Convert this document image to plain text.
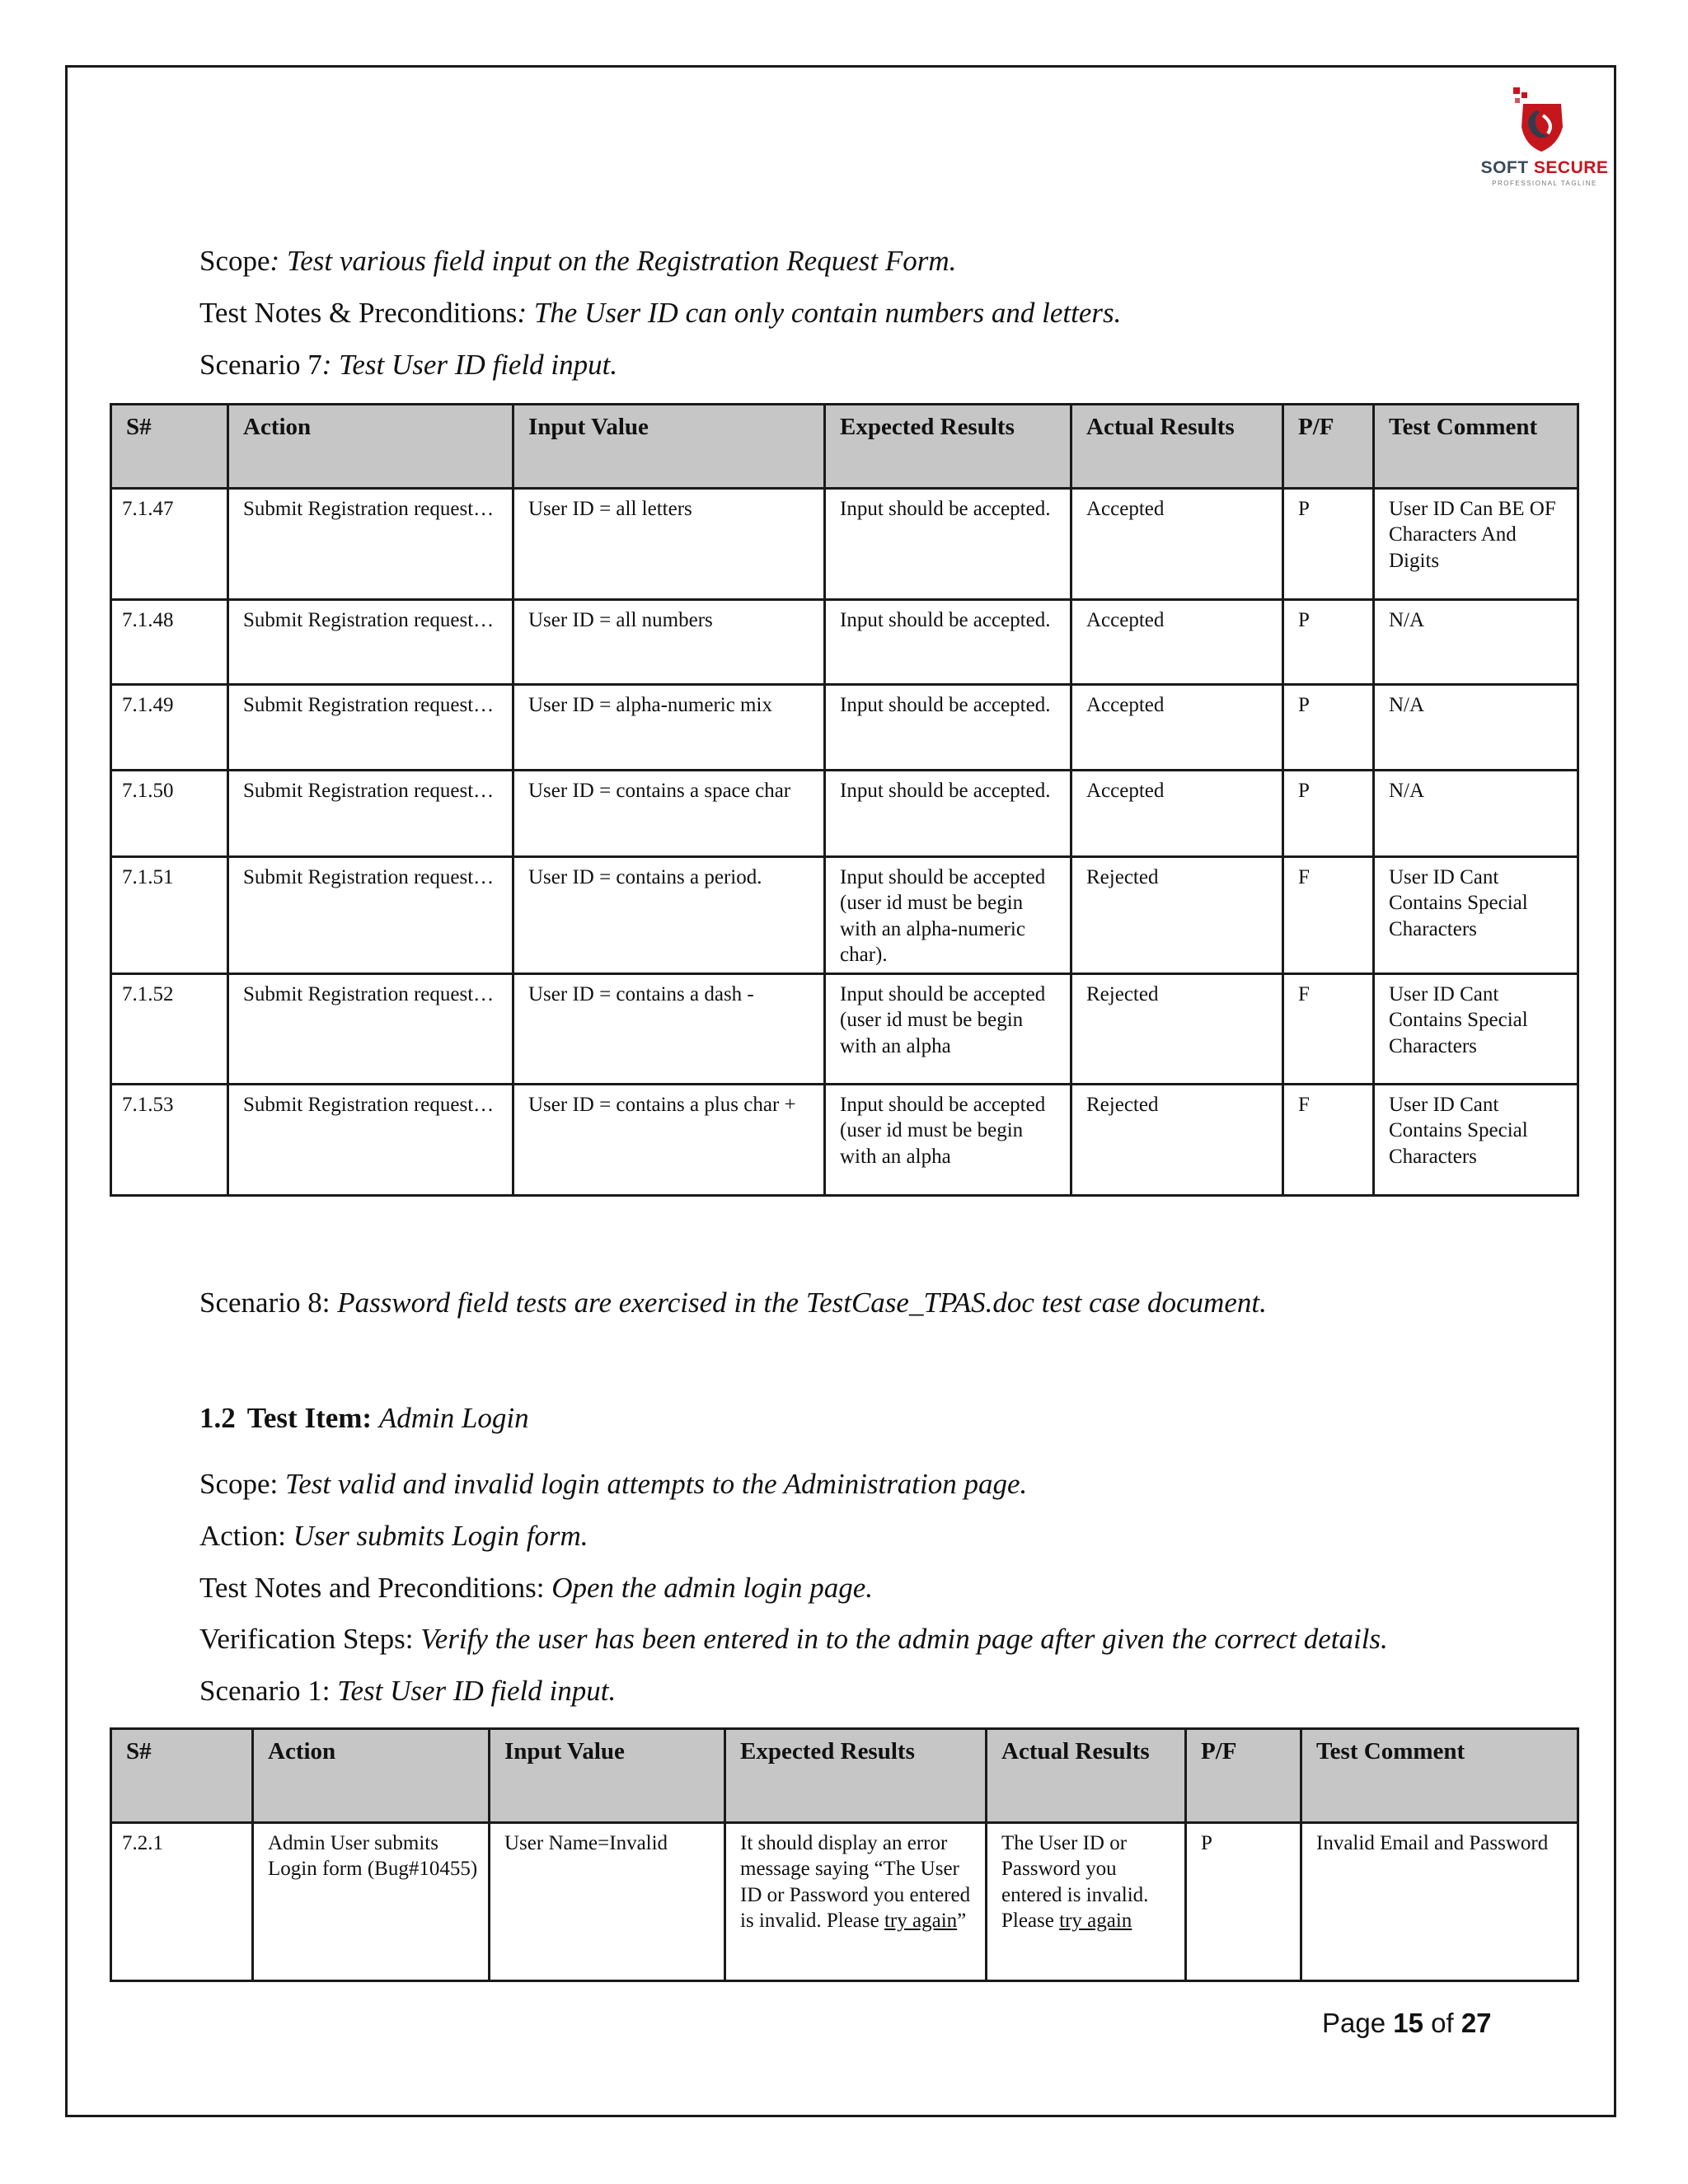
SOFT SECURE
PROFESSIONAL TAGLINE
Scope: Test various field input on the Registration Request Form.
Test Notes & Preconditions: The User ID can only contain numbers and letters.
Scenario 7: Test User ID field input.
S#	Action	Input Value	Expected Results	Actual Results	P/F	Test Comment
7.1.47	Submit Registration request…	User ID = all letters	Input should be accepted.	Accepted	P	User ID Can BE OF Characters And Digits
7.1.48	Submit Registration request…	User ID = all numbers	Input should be accepted.	Accepted	P	N/A
7.1.49	Submit Registration request…	User ID = alpha-numeric mix	Input should be accepted.	Accepted	P	N/A
7.1.50	Submit Registration request…	User ID = contains a space char	Input should be accepted.	Accepted	P	N/A
7.1.51	Submit Registration request…	User ID = contains a period.	Input should be accepted (user id must be begin with an alpha-numeric char).	Rejected	F	User ID Cant Contains Special Characters
7.1.52	Submit Registration request…	User ID = contains a dash -	Input should be accepted (user id must be begin with an alpha	Rejected	F	User ID Cant Contains Special Characters
7.1.53	Submit Registration request…	User ID = contains a plus char +	Input should be accepted (user id must be begin with an alpha	Rejected	F	User ID Cant Contains Special Characters
Scenario 8: Password field tests are exercised in the TestCase_TPAS.doc test case document.
1.2 Test Item: Admin Login
Scope: Test valid and invalid login attempts to the Administration page.
Action: User submits Login form.
Test Notes and Preconditions: Open the admin login page.
Verification Steps: Verify the user has been entered in to the admin page after given the correct details.
Scenario 1: Test User ID field input.
S#	Action	Input Value	Expected Results	Actual Results	P/F	Test Comment
7.2.1	Admin User submits Login form (Bug#10455)	User Name=Invalid	It should display an error message saying “The User ID or Password you entered is invalid. Please try again”	The User ID or Password you entered is invalid. Please try again	P	Invalid Email and Password
Page 15 of 27
